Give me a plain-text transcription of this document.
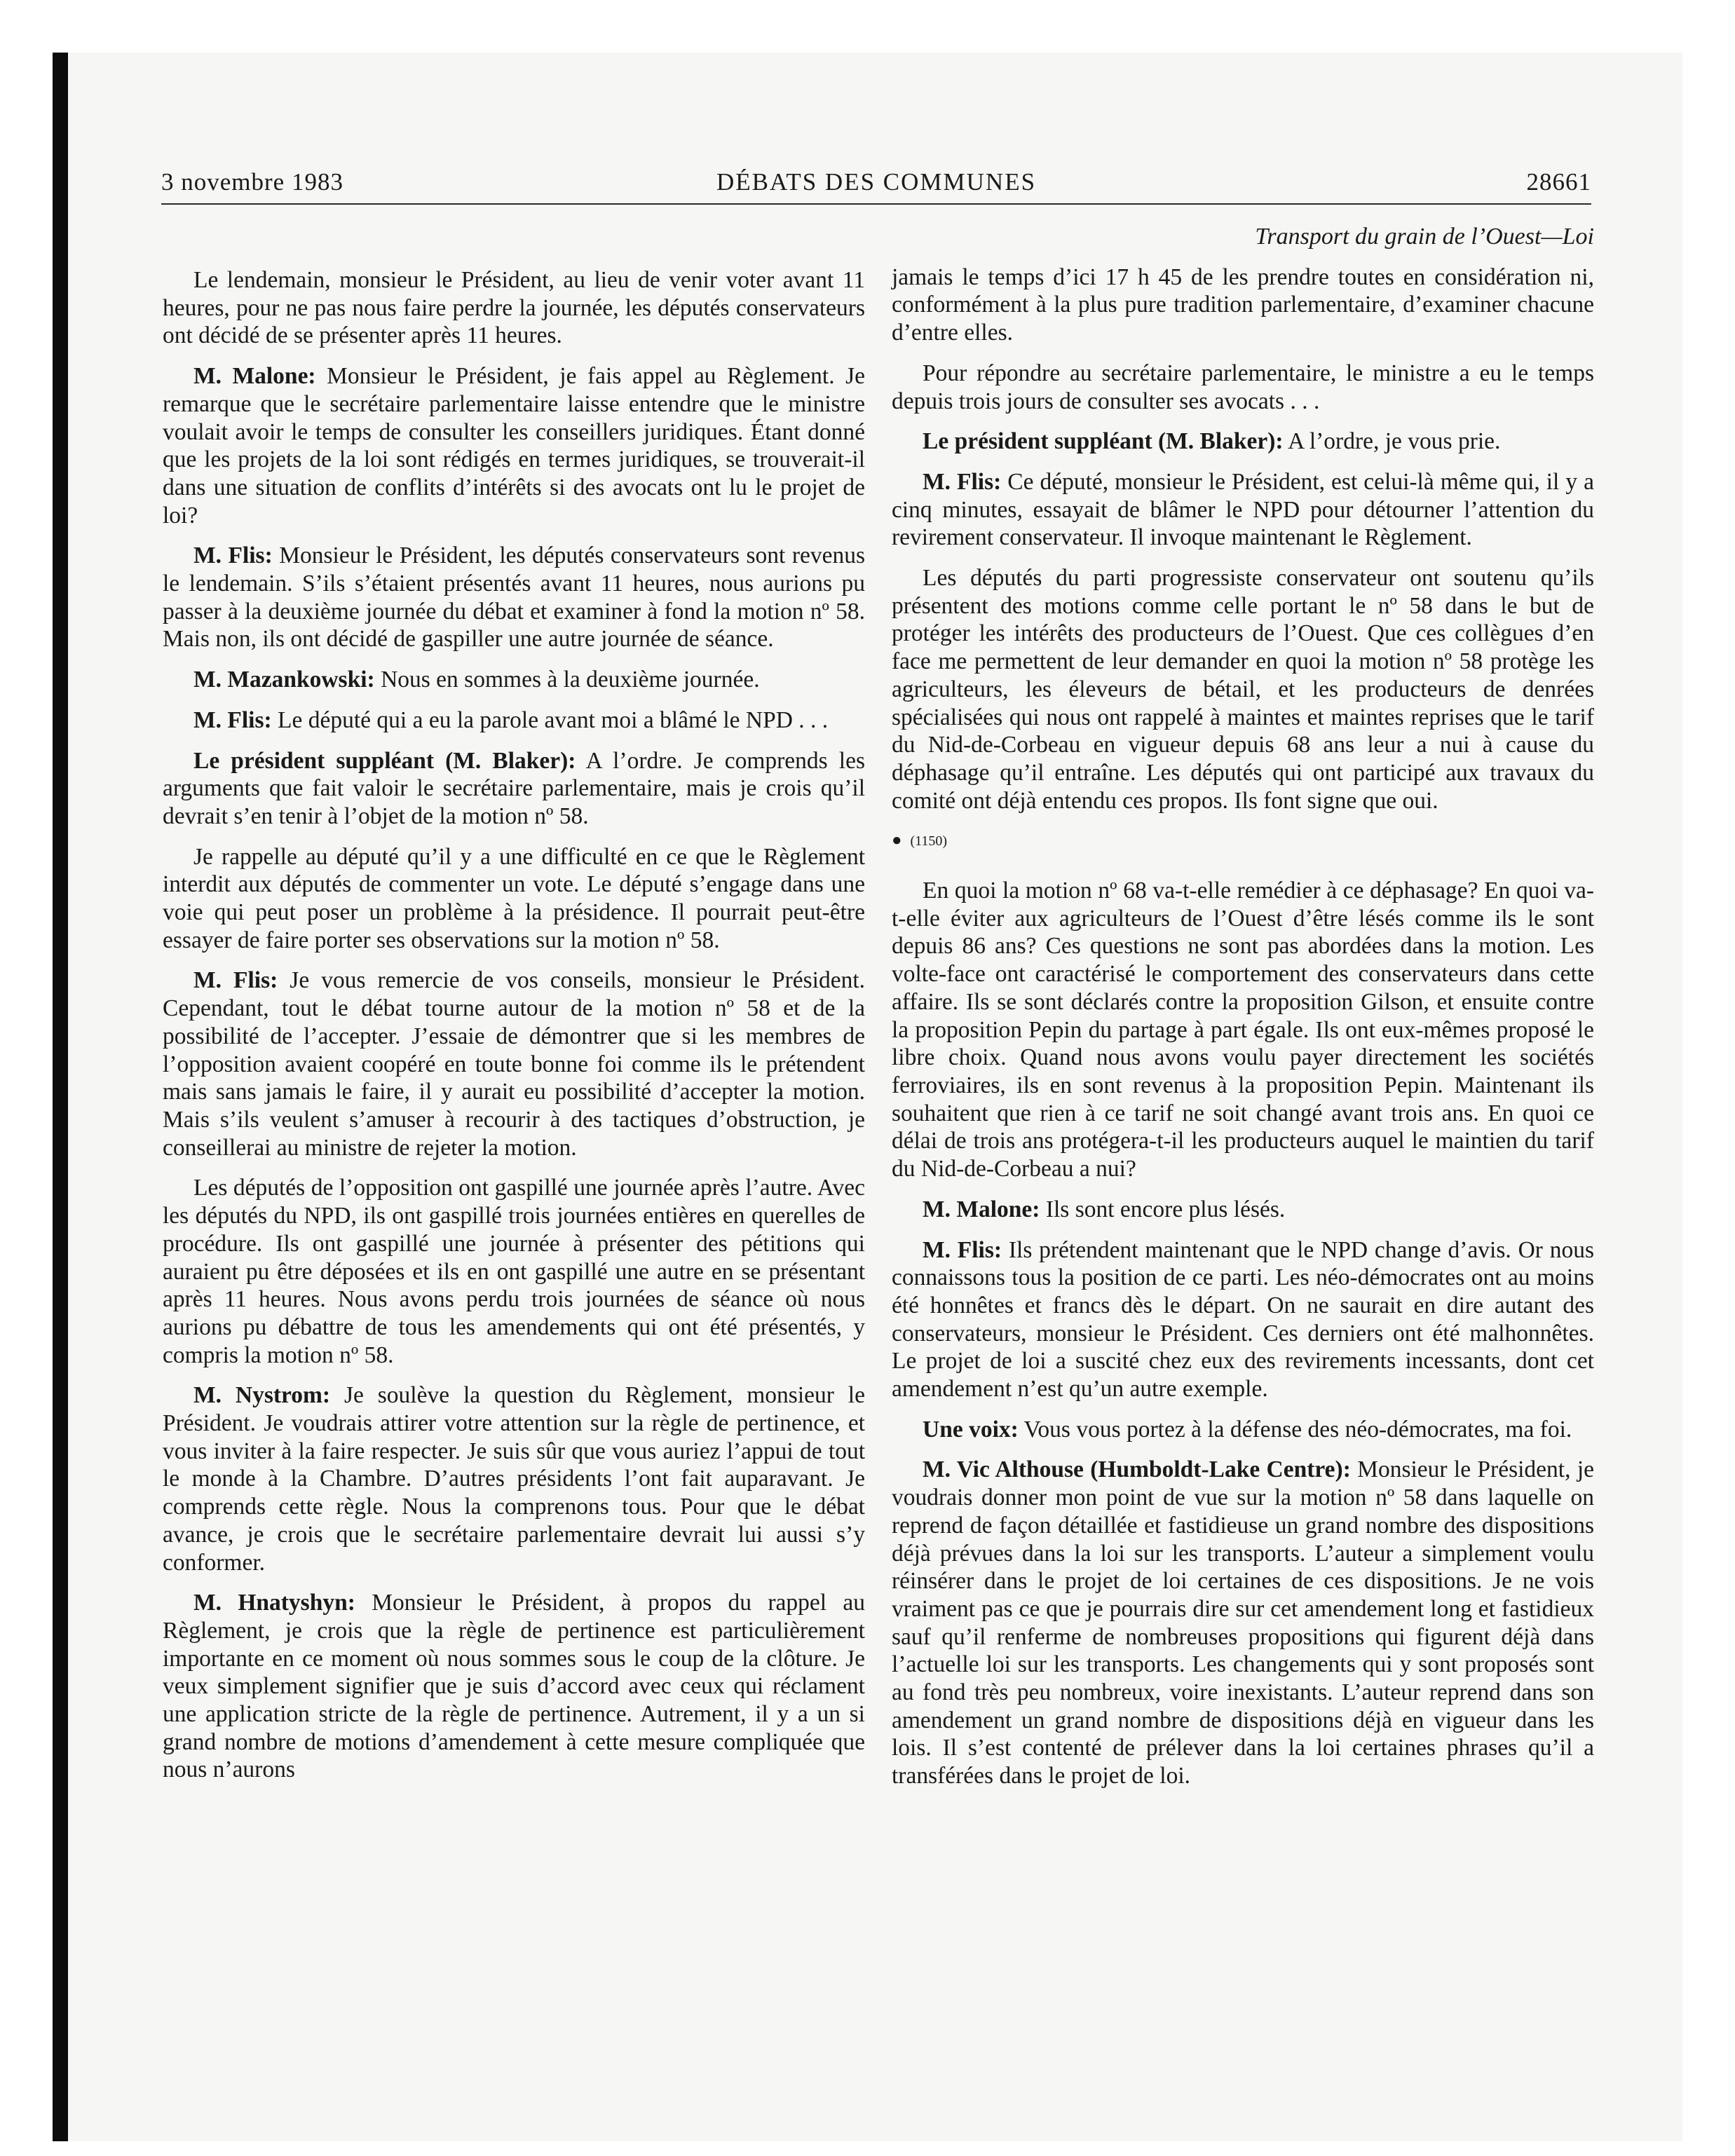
3 novembre 1983	DÉBATS DES COMMUNES	28661

Le lendemain, monsieur le Président, au lieu de venir voter avant 11 heures, pour ne pas nous faire perdre la journée, les députés conservateurs ont décidé de se présenter après 11 heures.

M. Malone: Monsieur le Président, je fais appel au Règlement. Je remarque que le secrétaire parlementaire laisse entendre que le ministre voulait avoir le temps de consulter les conseillers juridiques. Étant donné que les projets de la loi sont rédigés en termes juridiques, se trouverait-il dans une situation de conflits d’intérêts si des avocats ont lu le projet de loi?

M. Flis: Monsieur le Président, les députés conservateurs sont revenus le lendemain. S’ils s’étaient présentés avant 11 heures, nous aurions pu passer à la deuxième journée du débat et examiner à fond la motion nº 58. Mais non, ils ont décidé de gaspiller une autre journée de séance.

M. Mazankowski: Nous en sommes à la deuxième journée.

M. Flis: Le député qui a eu la parole avant moi a blâmé le NPD . . .

Le président suppléant (M. Blaker): A l’ordre. Je comprends les arguments que fait valoir le secrétaire parlementaire, mais je crois qu’il devrait s’en tenir à l’objet de la motion nº 58.

Je rappelle au député qu’il y a une difficulté en ce que le Règlement interdit aux députés de commenter un vote. Le député s’engage dans une voie qui peut poser un problème à la présidence. Il pourrait peut-être essayer de faire porter ses observations sur la motion nº 58.

M. Flis: Je vous remercie de vos conseils, monsieur le Président. Cependant, tout le débat tourne autour de la motion nº 58 et de la possibilité de l’accepter. J’essaie de démontrer que si les membres de l’opposition avaient coopéré en toute bonne foi comme ils le prétendent mais sans jamais le faire, il y aurait eu possibilité d’accepter la motion. Mais s’ils veulent s’amuser à recourir à des tactiques d’obstruction, je conseillerai au ministre de rejeter la motion.

Les députés de l’opposition ont gaspillé une journée après l’autre. Avec les députés du NPD, ils ont gaspillé trois journées entières en querelles de procédure. Ils ont gaspillé une journée à présenter des pétitions qui auraient pu être déposées et ils en ont gaspillé une autre en se présentant après 11 heures. Nous avons perdu trois journées de séance où nous aurions pu débattre de tous les amendements qui ont été présentés, y compris la motion nº 58.

M. Nystrom: Je soulève la question du Règlement, monsieur le Président. Je voudrais attirer votre attention sur la règle de pertinence, et vous inviter à la faire respecter. Je suis sûr que vous auriez l’appui de tout le monde à la Chambre. D’autres présidents l’ont fait auparavant. Je comprends cette règle. Nous la comprenons tous. Pour que le débat avance, je crois que le secrétaire parlementaire devrait lui aussi s’y conformer.

M. Hnatyshyn: Monsieur le Président, à propos du rappel au Règlement, je crois que la règle de pertinence est particulièrement importante en ce moment où nous sommes sous le coup de la clôture. Je veux simplement signifier que je suis d’accord avec ceux qui réclament une application stricte de la règle de pertinence. Autrement, il y a un si grand nombre de motions d’amendement à cette mesure compliquée que nous n’aurons

Transport du grain de l’Ouest—Loi

jamais le temps d’ici 17 h 45 de les prendre toutes en considération ni, conformément à la plus pure tradition parlementaire, d’examiner chacune d’entre elles.

Pour répondre au secrétaire parlementaire, le ministre a eu le temps depuis trois jours de consulter ses avocats . . .

Le président suppléant (M. Blaker): A l’ordre, je vous prie.

M. Flis: Ce député, monsieur le Président, est celui-là même qui, il y a cinq minutes, essayait de blâmer le NPD pour détourner l’attention du revirement conservateur. Il invoque maintenant le Règlement.

Les députés du parti progressiste conservateur ont soutenu qu’ils présentent des motions comme celle portant le nº 58 dans le but de protéger les intérêts des producteurs de l’Ouest. Que ces collègues d’en face me permettent de leur demander en quoi la motion nº 58 protège les agriculteurs, les éleveurs de bétail, et les producteurs de denrées spécialisées qui nous ont rappelé à maintes et maintes reprises que le tarif du Nid-de-Corbeau en vigueur depuis 68 ans leur a nui à cause du déphasage qu’il entraîne. Les députés qui ont participé aux travaux du comité ont déjà entendu ces propos. Ils font signe que oui.

● (1150)

En quoi la motion nº 68 va-t-elle remédier à ce déphasage? En quoi va-t-elle éviter aux agriculteurs de l’Ouest d’être lésés comme ils le sont depuis 86 ans? Ces questions ne sont pas abordées dans la motion. Les volte-face ont caractérisé le comportement des conservateurs dans cette affaire. Ils se sont déclarés contre la proposition Gilson, et ensuite contre la proposition Pepin du partage à part égale. Ils ont eux-mêmes proposé le libre choix. Quand nous avons voulu payer directement les sociétés ferroviaires, ils en sont revenus à la proposition Pepin. Maintenant ils souhaitent que rien à ce tarif ne soit changé avant trois ans. En quoi ce délai de trois ans protégera-t-il les producteurs auquel le maintien du tarif du Nid-de-Corbeau a nui?

M. Malone: Ils sont encore plus lésés.

M. Flis: Ils prétendent maintenant que le NPD change d’avis. Or nous connaissons tous la position de ce parti. Les néo-démocrates ont au moins été honnêtes et francs dès le départ. On ne saurait en dire autant des conservateurs, monsieur le Président. Ces derniers ont été malhonnêtes. Le projet de loi a suscité chez eux des revirements incessants, dont cet amendement n’est qu’un autre exemple.

Une voix: Vous vous portez à la défense des néo-démocrates, ma foi.

M. Vic Althouse (Humboldt-Lake Centre): Monsieur le Président, je voudrais donner mon point de vue sur la motion nº 58 dans laquelle on reprend de façon détaillée et fastidieuse un grand nombre des dispositions déjà prévues dans la loi sur les transports. L’auteur a simplement voulu réinsérer dans le projet de loi certaines de ces dispositions. Je ne vois vraiment pas ce que je pourrais dire sur cet amendement long et fastidieux sauf qu’il renferme de nombreuses propositions qui figurent déjà dans l’actuelle loi sur les transports. Les changements qui y sont proposés sont au fond très peu nombreux, voire inexistants. L’auteur reprend dans son amendement un grand nombre de dispositions déjà en vigueur dans les lois. Il s’est contenté de prélever dans la loi certaines phrases qu’il a transférées dans le projet de loi.
